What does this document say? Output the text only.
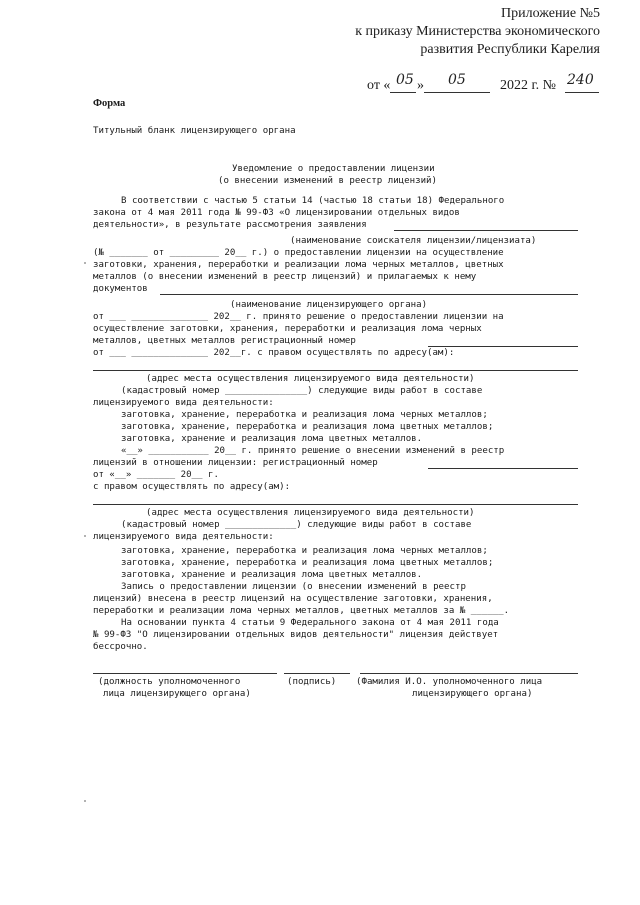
Приложение №5
к приказу Министерства экономического
развития Республики Карелия
от « 05 » 05 2022 г. № 240
Форма
Титульный бланк лицензирующего органа
Уведомление о предоставлении лицензии
(о внесении изменений в реестр лицензий)
В соответствии с частью 5 статьи 14 (частью 18 статьи 18) Федерального
закона от 4 мая 2011 года № 99-ФЗ «О лицензировании отдельных видов
деятельности», в результате рассмотрения заявления
(наименование соискателя лицензии/лицензиата)
(№ _______ от _________ 20__ г.) о предоставлении лицензии на осуществление
заготовки, хранения, переработки и реализации лома черных металлов, цветных
металлов (о внесении изменений в реестр лицензий) и прилагаемых к нему
документов
(наименование лицензирующего органа)
от ___ ______________ 202__ г. принято решение о предоставлении лицензии на
осуществление заготовки, хранения, переработки и реализация лома черных
металлов, цветных металлов регистрационный номер
от ___ ______________ 202__г. с правом осуществлять по адресу(ам):
(адрес места осуществления лицензируемого вида деятельности)
(кадастровый номер _______________) следующие виды работ в составе
лицензируемого вида деятельности:
заготовка, хранение, переработка и реализация лома черных металлов;
заготовка, хранение, переработка и реализация лома цветных металлов;
заготовка, хранение и реализация лома цветных металлов.
«__» ___________ 20__ г. принято решение о внесении изменений в реестр
лицензий в отношении лицензии: регистрационный номер
от «__» _______ 20__ г.
с правом осуществлять по адресу(ам):
(адрес места осуществления лицензируемого вида деятельности)
(кадастровый номер _____________) следующие виды работ в составе
лицензируемого вида деятельности:
заготовка, хранение, переработка и реализация лома черных металлов;
заготовка, хранение, переработка и реализация лома цветных металлов;
заготовка, хранение и реализация лома цветных металлов.
Запись о предоставлении лицензии (о внесении изменений в реестр
лицензий) внесена в реестр лицензий на осуществление заготовки, хранения,
переработки и реализации лома черных металлов, цветных металлов за № ______.
На основании пункта 4 статьи 9 Федерального закона от 4 мая 2011 года
№ 99-ФЗ "О лицензировании отдельных видов деятельности" лицензия действует
бессрочно.
(должность уполномоченного
лица лицензирующего органа)
(подпись) (Фамилия И.О. уполномоченного лица
лицензирующего органа)
